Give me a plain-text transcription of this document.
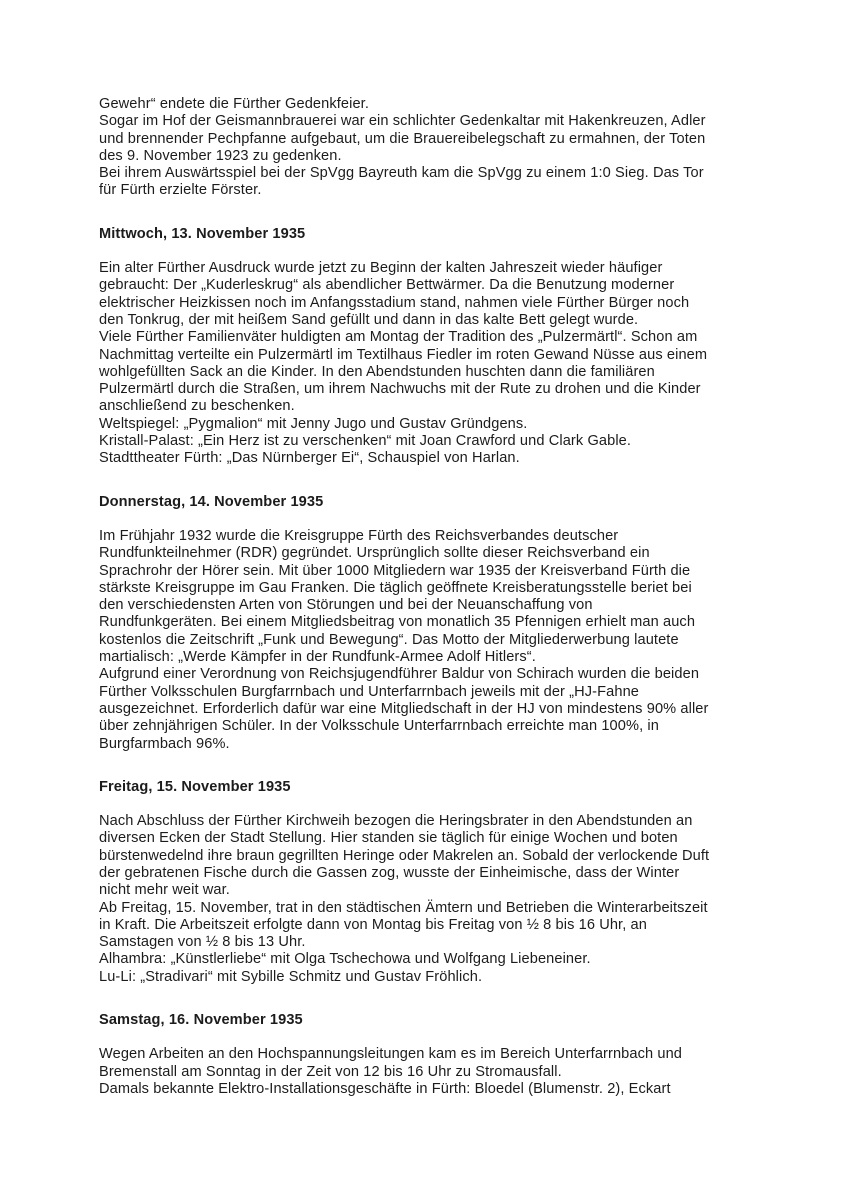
Gewehr“ endete die Fürther Gedenkfeier.
Sogar im Hof der Geismannbrauerei war ein schlichter Gedenkaltar mit Hakenkreuzen, Adler
und brennender Pechpfanne aufgebaut, um die Brauereibelegschaft zu ermahnen, der Toten
des 9. November 1923 zu gedenken.
Bei ihrem Auswärtsspiel bei der SpVgg Bayreuth kam die SpVgg zu einem 1:0 Sieg. Das Tor
für Fürth erzielte Förster.

Mittwoch, 13. November 1935

Ein alter Fürther Ausdruck wurde jetzt zu Beginn der kalten Jahreszeit wieder häufiger
gebraucht: Der „Kuderleskrug“ als abendlicher Bettwärmer. Da die Benutzung moderner
elektrischer Heizkissen noch im Anfangsstadium stand, nahmen viele Fürther Bürger noch
den Tonkrug, der mit heißem Sand gefüllt und dann in das kalte Bett gelegt wurde.
Viele Fürther Familienväter huldigten am Montag der Tradition des „Pulzermärtl“. Schon am
Nachmittag verteilte ein Pulzermärtl im Textilhaus Fiedler im roten Gewand Nüsse aus einem
wohlgefüllten Sack an die Kinder. In den Abendstunden huschten dann die familiären
Pulzermärtl durch die Straßen, um ihrem Nachwuchs mit der Rute zu drohen und die Kinder
anschließend zu beschenken.
Weltspiegel: „Pygmalion“ mit Jenny Jugo und Gustav Gründgens.
Kristall-Palast: „Ein Herz ist zu verschenken“ mit Joan Crawford und Clark Gable.
Stadttheater Fürth: „Das Nürnberger Ei“, Schauspiel von Harlan.

Donnerstag, 14. November 1935

Im Frühjahr 1932 wurde die Kreisgruppe Fürth des Reichsverbandes deutscher
Rundfunkteilnehmer (RDR) gegründet. Ursprünglich sollte dieser Reichsverband ein
Sprachrohr der Hörer sein. Mit über 1000 Mitgliedern war 1935 der Kreisverband Fürth die
stärkste Kreisgruppe im Gau Franken. Die täglich geöffnete Kreisberatungsstelle beriet bei
den verschiedensten Arten von Störungen und bei der Neuanschaffung von
Rundfunkgeräten. Bei einem Mitgliedsbeitrag von monatlich 35 Pfennigen erhielt man auch
kostenlos die Zeitschrift „Funk und Bewegung“. Das Motto der Mitgliederwerbung lautete
martialisch: „Werde Kämpfer in der Rundfunk-Armee Adolf Hitlers“.
Aufgrund einer Verordnung von Reichsjugendführer Baldur von Schirach wurden die beiden
Fürther Volksschulen Burgfarrnbach und Unterfarrnbach jeweils mit der „HJ-Fahne
ausgezeichnet. Erforderlich dafür war eine Mitgliedschaft in der HJ von mindestens 90% aller
über zehnjährigen Schüler. In der Volksschule Unterfarrnbach erreichte man 100%, in
Burgfarmbach 96%.

Freitag, 15. November 1935

Nach Abschluss der Fürther Kirchweih bezogen die Heringsbrater in den Abendstunden an
diversen Ecken der Stadt Stellung. Hier standen sie täglich für einige Wochen und boten
bürstenwedelnd ihre braun gegrillten Heringe oder Makrelen an. Sobald der verlockende Duft
der gebratenen Fische durch die Gassen zog, wusste der Einheimische, dass der Winter
nicht mehr weit war.
Ab Freitag, 15. November, trat in den städtischen Ämtern und Betrieben die Winterarbeitszeit
in Kraft. Die Arbeitszeit erfolgte dann von Montag bis Freitag von ½ 8 bis 16 Uhr, an
Samstagen von ½ 8 bis 13 Uhr.
Alhambra: „Künstlerliebe“ mit Olga Tschechowa und Wolfgang Liebeneiner.
Lu-Li: „Stradivari“ mit Sybille Schmitz und Gustav Fröhlich.

Samstag, 16. November 1935

Wegen Arbeiten an den Hochspannungsleitungen kam es im Bereich Unterfarrnbach und
Bremenstall am Sonntag in der Zeit von 12 bis 16 Uhr zu Stromausfall.
Damals bekannte Elektro-Installationsgeschäfte in Fürth: Bloedel (Blumenstr. 2), Eckart
